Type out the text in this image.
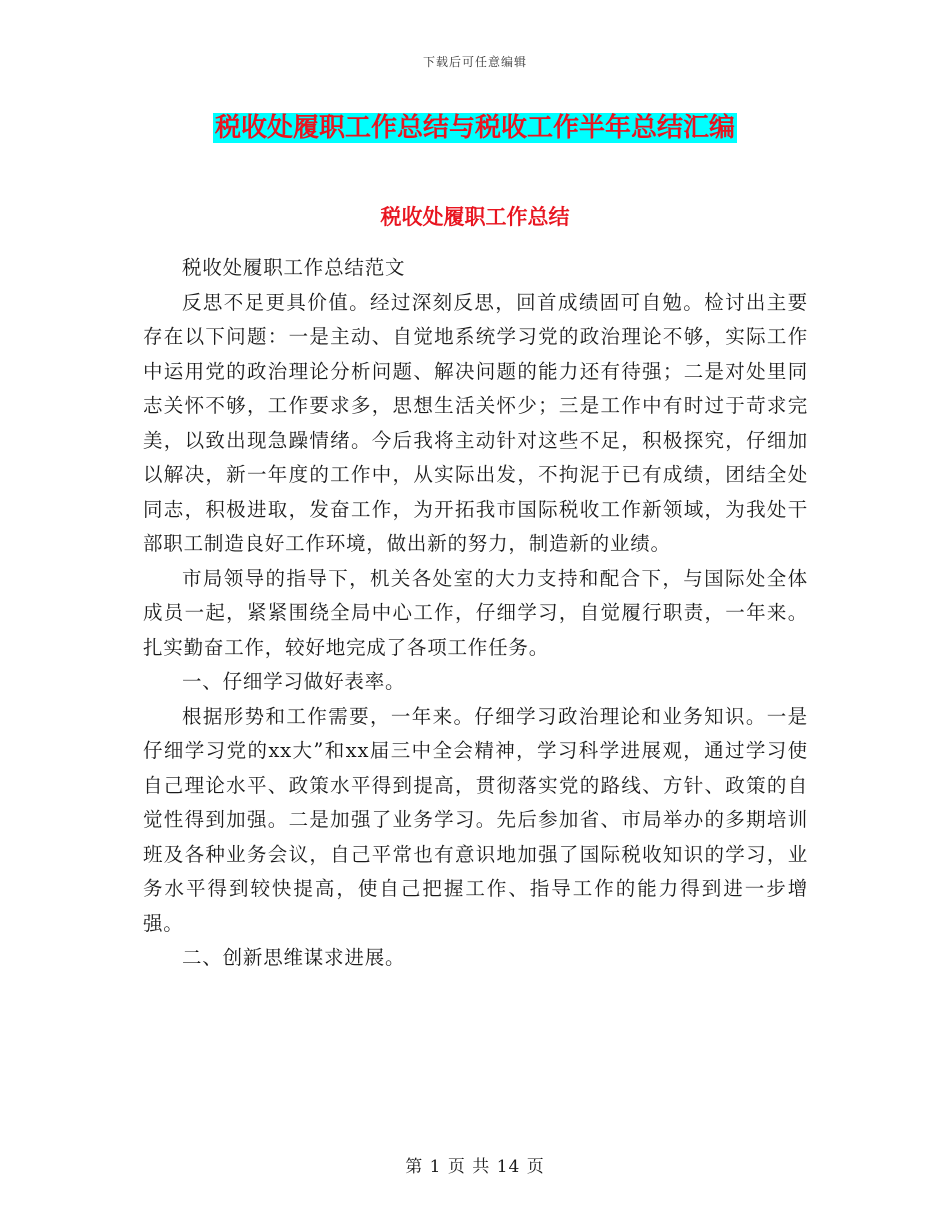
下载后可任意编辑
税收处履职工作总结与税收工作半年总结汇编
税收处履职工作总结

税收处履职工作总结范文

反思不足更具价值。经过深刻反思，回首成绩固可自勉。检讨出主要存在以下问题：一是主动、自觉地系统学习党的政治理论不够，实际工作中运用党的政治理论分析问题、解决问题的能力还有待强；二是对处里同志关怀不够，工作要求多，思想生活关怀少；三是工作中有时过于苛求完美，以致出现急躁情绪。今后我将主动针对这些不足，积极探究，仔细加以解决，新一年度的工作中，从实际出发，不拘泥于已有成绩，团结全处同志，积极进取，发奋工作，为开拓我市国际税收工作新领域，为我处干部职工制造良好工作环境，做出新的努力，制造新的业绩。

市局领导的指导下，机关各处室的大力支持和配合下，与国际处全体成员一起，紧紧围绕全局中心工作，仔细学习，自觉履行职责，一年来。扎实勤奋工作，较好地完成了各项工作任务。

一、仔细学习做好表率。

根据形势和工作需要，一年来。仔细学习政治理论和业务知识。一是仔细学习党的xx大”和xx届三中全会精神，学习科学进展观，通过学习使自己理论水平、政策水平得到提高，贯彻落实党的路线、方针、政策的自觉性得到加强。二是加强了业务学习。先后参加省、市局举办的多期培训班及各种业务会议，自己平常也有意识地加强了国际税收知识的学习，业务水平得到较快提高，使自己把握工作、指导工作的能力得到进一步增强。

二、创新思维谋求进展。

第 1 页 共 14 页
